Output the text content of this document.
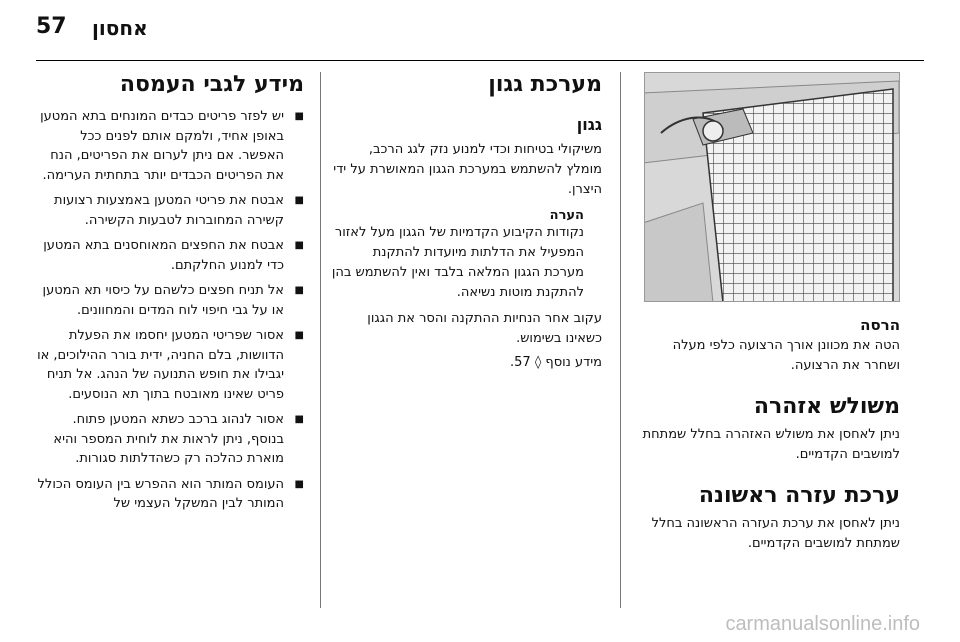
57 אחסון
הרסה
הטה את מכוונן אורך הרצועה כלפי מעלה ושחרר את הרצועה.
משולש אזהרה
ניתן לאחסן את משולש האזהרה בחלל שמתחת למושבים הקדמיים.
ערכת עזרה ראשונה
ניתן לאחסן את ערכת העזרה הראשונה בחלל שמתחת למושבים הקדמיים.
מערכת גגון
גגון
משיקולי בטיחות וכדי למנוע נזק לגג הרכב, מומלץ להשתמש במערכת הגגון המאושרת על ידי היצרן.
הערה
נקודות הקיבוע הקדמיות של הגגון מעל לאזור המפעיל את הדלתות מיועדות להתקנת מערכת הגגון המלאה בלבד ואין להשתמש בהן להתקנת מוטות נשיאה.
עקוב אחר הנחיות ההתקנה והסר את הגגון כשאינו בשימוש.
מידע נוסף ◊ 57.
מידע לגבי העמסה
■ יש לפזר פריטים כבדים המונחים בתא המטען באופן אחיד, ולמקם אותם לפנים ככל האפשר. אם ניתן לערום את הפריטים, הנח את הפריטים הכבדים יותר בתחתית הערימה.
■ אבטח את פריטי המטען באמצעות רצועות קשירה המחוברות לטבעות הקשירה.
■ אבטח את החפצים המאוחסנים בתא המטען כדי למנוע החלקתם.
■ אל תניח חפצים כלשהם על כיסוי תא המטען או על גבי חיפוי לוח המדים והמחוונים.
■ אסור שפריטי המטען יחסמו את הפעלת הדוושות, בלם החניה, ידית בורר ההילוכים, או יגבילו את חופש התנועה של הנהג. אל תניח פריט שאינו מאובטח בתוך תא הנוסעים.
■ אסור לנהוג ברכב כשתא המטען פתוח. בנוסף, ניתן לראות את לוחית המספר והיא מוארת כהלכה רק כשהדלתות סגורות.
■ העומס המותר הוא ההפרש בין העומס הכולל המותר לבין המשקל העצמי של
carmanualsonline.info
